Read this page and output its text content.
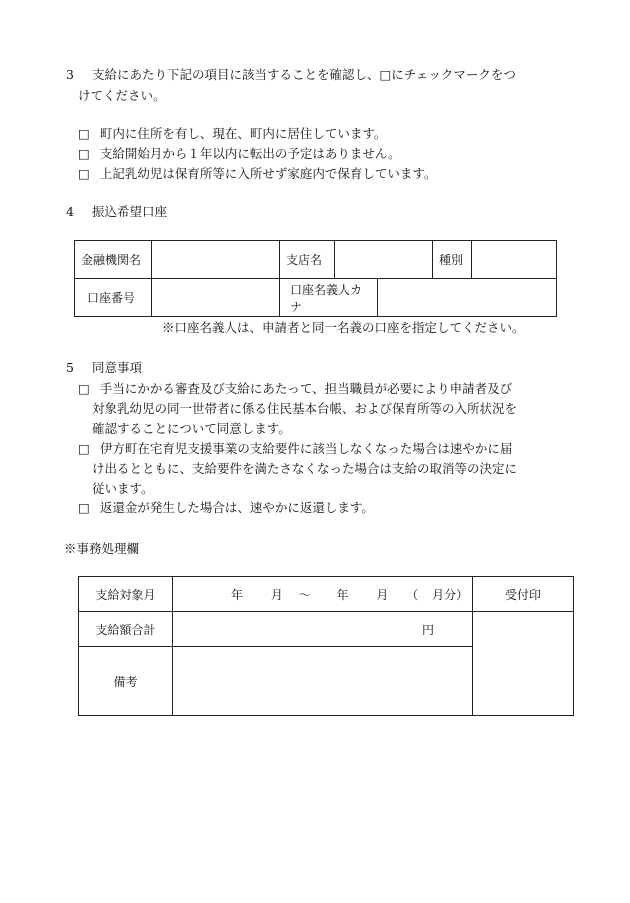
3 支給にあたり下記の項目に該当することを確認し、□にチェックマークをつ
けてください。
□ 町内に住所を有し、現在、町内に居住しています。
□ 支給開始月から１年以内に転出の予定はありません。
□ 上記乳幼児は保育所等に入所せず家庭内で保育しています。
4 振込希望口座
金融機関名		支店名			種別	
口座番号		口座名義人カナ				
※口座名義人は、申請者と同一名義の口座を指定してください。
5 同意事項
□ 手当にかかる審査及び支給にあたって、担当職員が必要により申請者及び
対象乳幼児の同一世帯者に係る住民基本台帳、および保育所等の入所状況を
確認することについて同意します。
□ 伊方町在宅育児支援事業の支給要件に該当しなくなった場合は速やかに届
け出るとともに、支給要件を満たさなくなった場合は支給の取消等の決定に
従います。
□ 返還金が発生した場合は、速やかに返還します。
※事務処理欄
支給対象月	年 月 ～ 年 月 （ 月分）	受付印
支給額合計	円	
備考		
